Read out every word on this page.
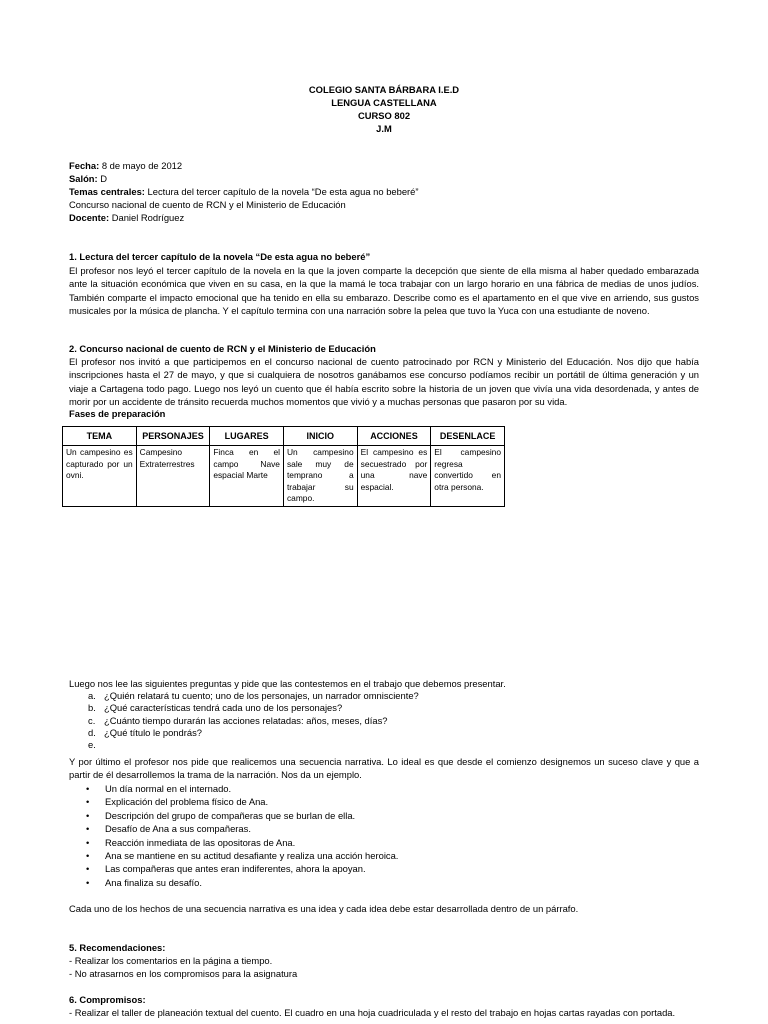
COLEGIO SANTA BÁRBARA I.E.D
LENGUA CASTELLANA
CURSO 802
J.M
Fecha: 8 de mayo de 2012
Salón: D
Temas centrales: Lectura del tercer capítulo de la novela “De esta agua no beberé”
Concurso nacional de cuento de RCN y el Ministerio de Educación
Docente: Daniel Rodríguez
1. Lectura del tercer capítulo de la novela “De esta agua no beberé”
El profesor nos leyó el tercer capítulo de la novela en la que la joven comparte la decepción que siente de ella misma al haber quedado embarazada ante la situación económica que viven en su casa, en la que la mamá le toca trabajar con un largo horario en una fábrica de medias de unos judíos. También comparte el impacto emocional que ha tenido en ella su embarazo. Describe como es el apartamento en el que vive en arriendo, sus gustos musicales por la música de plancha. Y el capítulo termina con una narración sobre la pelea que tuvo la Yuca con una estudiante de noveno.
2. Concurso nacional de cuento de RCN y el Ministerio de Educación
El profesor nos invitó a que participemos en el concurso nacional de cuento patrocinado por RCN y Ministerio del Educación. Nos dijo que había inscripciones hasta el 27 de mayo, y que si cualquiera de nosotros ganábamos ese concurso podíamos recibir un portátil de última generación y un viaje a Cartagena todo pago. Luego nos leyó un cuento que él había escrito sobre la historia de un joven que vivía una vida desordenada, y antes de morir por un accidente de tránsito recuerda muchos momentos que vivió y a muchas personas que pasaron por su vida.
Fases de preparación
TEMA	PERSONAJES	LUGARES	INICIO	ACCIONES	DESENLACE
Un campesino es capturado por un ovni.	Campesino Extraterrestres	Finca en el campo Nave espacial Marte	Un campesino sale muy de temprano a trabajar su campo.	El campesino es secuestrado por una nave espacial.	El campesino regresa convertido en otra persona.
Luego nos lee las siguientes preguntas y pide que las contestemos en el trabajo que debemos presentar.
a. ¿Quién relatará tu cuento; uno de los personajes, un narrador omnisciente?
b. ¿Qué características tendrá cada uno de los personajes?
c. ¿Cuánto tiempo durarán las acciones relatadas: años, meses, días?
d. ¿Qué título le pondrás?
e.
Y por último el profesor nos pide que realicemos una secuencia narrativa. Lo ideal es que desde el comienzo designemos un suceso clave y que a partir de él desarrollemos la trama de la narración. Nos da un ejemplo.
• Un día normal en el internado.
• Explicación del problema físico de Ana.
• Descripción del grupo de compañeras que se burlan de ella.
• Desafío de Ana a sus compañeras.
• Reacción inmediata de las opositoras de Ana.
• Ana se mantiene en su actitud desafiante y realiza una acción heroica.
• Las compañeras que antes eran indiferentes, ahora la apoyan.
• Ana finaliza su desafío.
Cada uno de los hechos de una secuencia narrativa es una idea y cada idea debe estar desarrollada dentro de un párrafo.
5. Recomendaciones:
- Realizar los comentarios en la página a tiempo.
- No atrasarnos en los compromisos para la asignatura
6. Compromisos:
- Realizar el taller de planeación textual del cuento. El cuadro en una hoja cuadriculada y el resto del trabajo en hojas cartas rayadas con portada.
